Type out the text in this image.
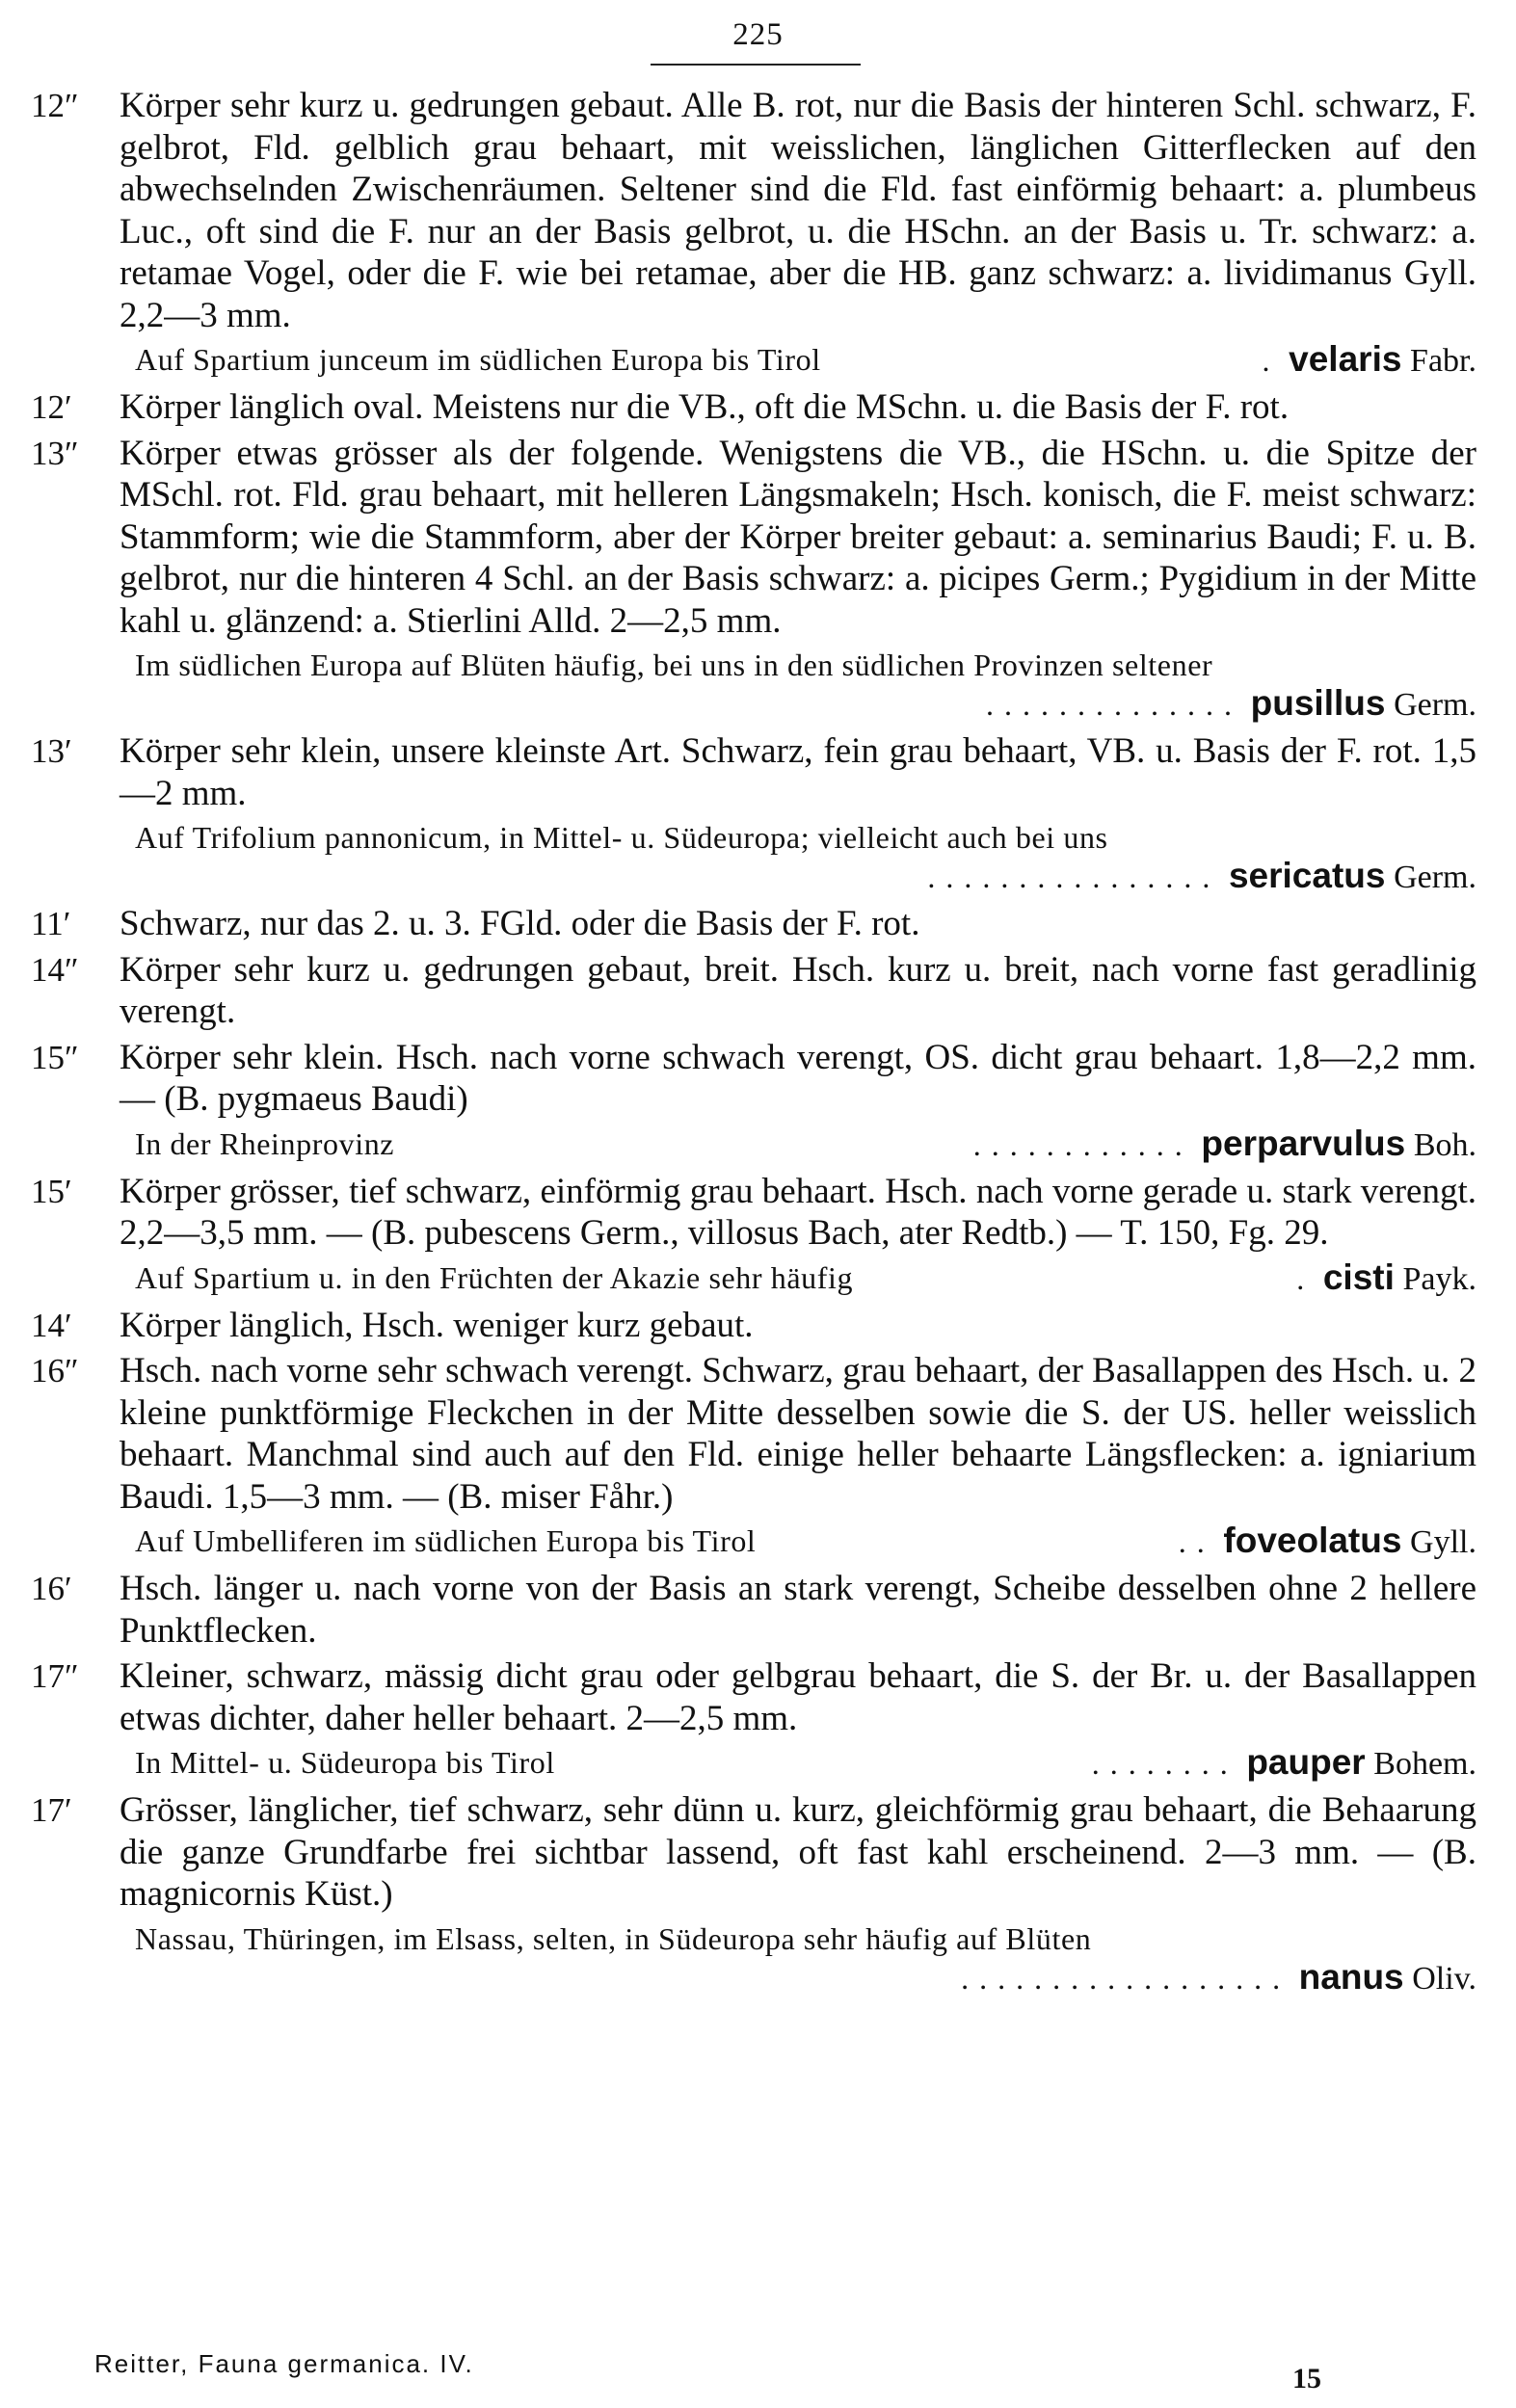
225
12″	Körper sehr kurz u. gedrungen gebaut. Alle B. rot, nur die Basis der hinteren Schl. schwarz, F. gelbrot, Fld. gelblich grau behaart, mit weisslichen, länglichen Gitterflecken auf den abwechselnden Zwischenräumen. Seltener sind die Fld. fast einförmig behaart: a. plumbeus Luc., oft sind die F. nur an der Basis gelbrot, u. die HSchn. an der Basis u. Tr. schwarz: a. retamae Vogel, oder die F. wie bei retamae, aber die HB. ganz schwarz: a. lividimanus Gyll. 2,2—3 mm.
Auf Spartium junceum im südlichen Europa bis Tirol	. velaris Fabr.
12′	Körper länglich oval. Meistens nur die VB., oft die MSchn. u. die Basis der F. rot.
13″	Körper etwas grösser als der folgende. Wenigstens die VB., die HSchn. u. die Spitze der MSchl. rot. Fld. grau behaart, mit helleren Längsmakeln; Hsch. konisch, die F. meist schwarz: Stammform; wie die Stammform, aber der Körper breiter gebaut: a. seminarius Baudi; F. u. B. gelbrot, nur die hinteren 4 Schl. an der Basis schwarz: a. picipes Germ.; Pygidium in der Mitte kahl u. glänzend: a. Stierlini Alld. 2—2,5 mm.
Im südlichen Europa auf Blüten häufig, bei uns in den südlichen Provinzen seltener
.............. pusillus Germ.
13′	Körper sehr klein, unsere kleinste Art. Schwarz, fein grau behaart, VB. u. Basis der F. rot. 1,5—2 mm.
Auf Trifolium pannonicum, in Mittel- u. Südeuropa; vielleicht auch bei uns
................ sericatus Germ.
11′	Schwarz, nur das 2. u. 3. FGld. oder die Basis der F. rot.
14″	Körper sehr kurz u. gedrungen gebaut, breit. Hsch. kurz u. breit, nach vorne fast geradlinig verengt.
15″	Körper sehr klein. Hsch. nach vorne schwach verengt, OS. dicht grau behaart. 1,8—2,2 mm. — (B. pygmaeus Baudi)
In der Rheinprovinz	............ perparvulus Boh.
15′	Körper grösser, tief schwarz, einförmig grau behaart. Hsch. nach vorne gerade u. stark verengt. 2,2—3,5 mm. — (B. pubescens Germ., villosus Bach, ater Redtb.) — T. 150, Fg. 29.
Auf Spartium u. in den Früchten der Akazie sehr häufig	. cisti Payk.
14′	Körper länglich, Hsch. weniger kurz gebaut.
16″	Hsch. nach vorne sehr schwach verengt. Schwarz, grau behaart, der Basallappen des Hsch. u. 2 kleine punktförmige Fleckchen in der Mitte desselben sowie die S. der US. heller weisslich behaart. Manchmal sind auch auf den Fld. einige heller behaarte Längsflecken: a. igniarium Baudi. 1,5—3 mm. — (B. miser Fåhr.)
Auf Umbelliferen im südlichen Europa bis Tirol	.. foveolatus Gyll.
16′	Hsch. länger u. nach vorne von der Basis an stark verengt, Scheibe desselben ohne 2 hellere Punktflecken.
17″	Kleiner, schwarz, mässig dicht grau oder gelbgrau behaart, die S. der Br. u. der Basallappen etwas dichter, daher heller behaart. 2—2,5 mm.
In Mittel- u. Südeuropa bis Tirol	........ pauper Bohem.
17′	Grösser, länglicher, tief schwarz, sehr dünn u. kurz, gleichförmig grau behaart, die Behaarung die ganze Grundfarbe frei sichtbar lassend, oft fast kahl erscheinend. 2—3 mm. — (B. magnicornis Küst.)
Nassau, Thüringen, im Elsass, selten, in Südeuropa sehr häufig auf Blüten
.................. nanus Oliv.
Reitter, Fauna germanica. IV.	15
